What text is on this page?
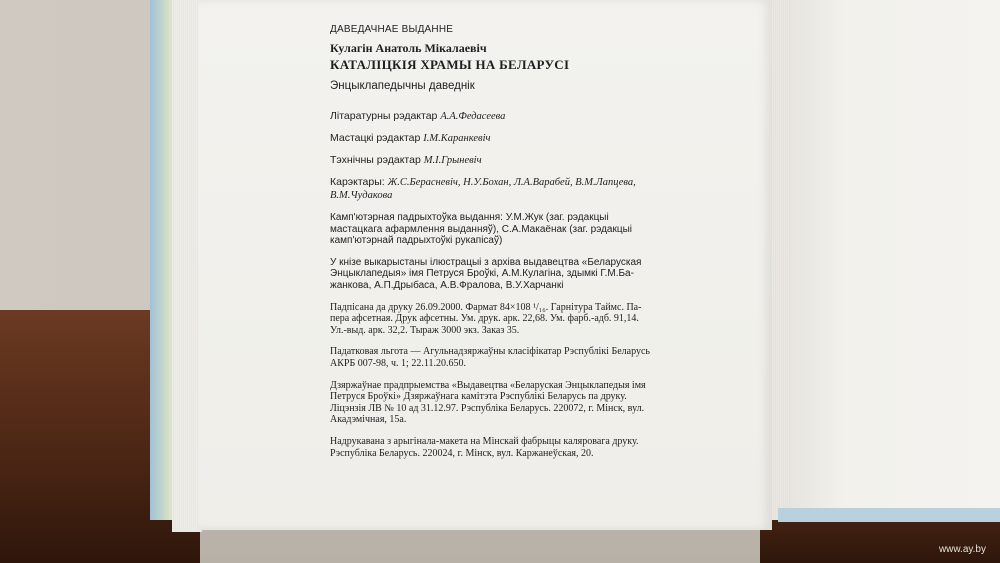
ДАВЕДАЧНАЕ ВЫДАННЕ

Кулагін Анатоль Мікалаевіч

КАТАЛІЦКІЯ ХРАМЫ НА БЕЛАРУСІ

Энцыклапедычны даведнік

Літаратурны рэдактар А.А.Федасеева

Мастацкі рэдактар І.М.Каранкевіч

Тэхнічны рэдактар М.І.Грыневіч

Карэктары: Ж.С.Берасневіч, Н.У.Бохан, Л.А.Варабей, В.М.Лапцева,

В.М.Чудакова

Камп'ютэрная падрыхтоўка выдання: У.М.Жук (заг. рэдакцыі

мастацкага афармлення выданняў), С.А.Макаёнак (заг. рэдакцыі

камп'ютэрнай падрыхтоўкі рукапісаў)

У кнізе выкарыстаны ілюстрацыі з архіва выдавецтва «Беларуская

Энцыклапедыя» імя Петруся Броўкі, А.М.Кулагіна, здымкі Г.М.Ба-

жанкова, А.П.Дрыбаса, А.В.Фралова, В.У.Харчанкі

Падпісана да друку 26.09.2000. Фармат 84×108 ¹/₁₆. Гарнітура Таймс. Па-

пера афсетная. Друк афсетны. Ум. друк. арк. 22,68. Ум. фарб.-адб. 91,14.

Ул.-выд. арк. 32,2. Тыраж 3000 экз. Заказ 35.

Падатковая льгота — Агульнадзяржаўны класіфікатар Рэспублікі Беларусь

АКРБ 007-98, ч. 1; 22.11.20.650.

Дзяржаўнае прадпрыемства «Выдавецтва «Беларуская Энцыклапедыя імя

Петруся Броўкі» Дзяржаўнага камітэта Рэспублікі Беларусь па друку.

Ліцэнзія ЛВ № 10 ад 31.12.97. Рэспубліка Беларусь. 220072, г. Мінск, вул.

Акадэмічная, 15а.

Надрукавана з арыгінала-макета на Мінскай фабрыцы каляровага друку.

Рэспубліка Беларусь. 220024, г. Мінск, вул. Каржанеўская, 20.

www.ay.by
